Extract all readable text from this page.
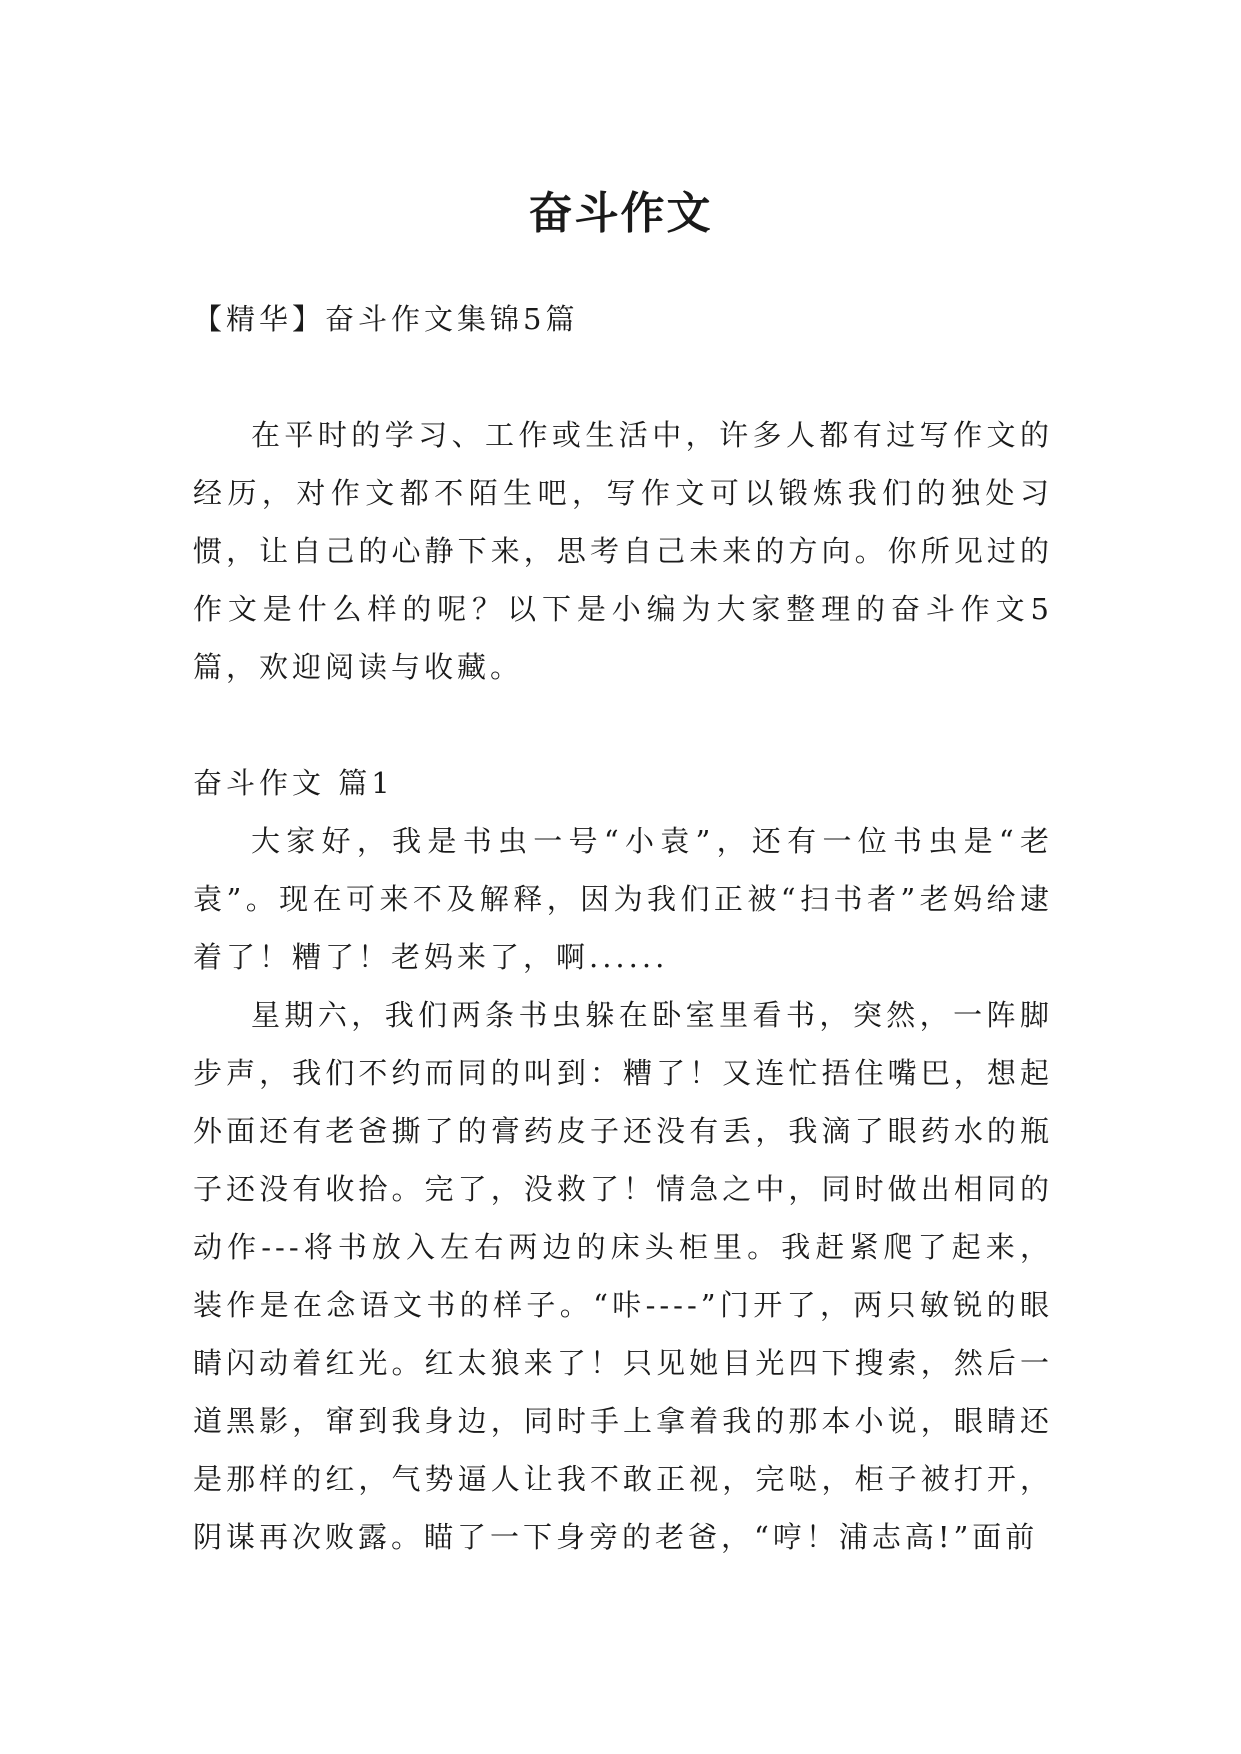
奋斗作文

【精华】奋斗作文集锦5篇

在平时的学习、工作或生活中，许多人都有过写作文的经历，对作文都不陌生吧，写作文可以锻炼我们的独处习惯，让自己的心静下来，思考自己未来的方向。你所见过的作文是什么样的呢？以下是小编为大家整理的奋斗作文5篇，欢迎阅读与收藏。

奋斗作文 篇1

大家好，我是书虫一号“小袁”，还有一位书虫是“老袁”。现在可来不及解释，因为我们正被“扫书者”老妈给逮着了！糟了！老妈来了，啊......

星期六，我们两条书虫躲在卧室里看书，突然，一阵脚步声，我们不约而同的叫到：糟了！又连忙捂住嘴巴，想起外面还有老爸撕了的膏药皮子还没有丢，我滴了眼药水的瓶子还没有收拾。完了，没救了！情急之中，同时做出相同的动作---将书放入左右两边的床头柜里。我赶紧爬了起来，装作是在念语文书的样子。“咔----”门开了，两只敏锐的眼睛闪动着红光。红太狼来了！只见她目光四下搜索，然后一道黑影，窜到我身边，同时手上拿着我的那本小说，眼睛还是那样的红，气势逼人让我不敢正视，完哒，柜子被打开，阴谋再次败露。瞄了一下身旁的老爸，“哼！浦志高!”面前
